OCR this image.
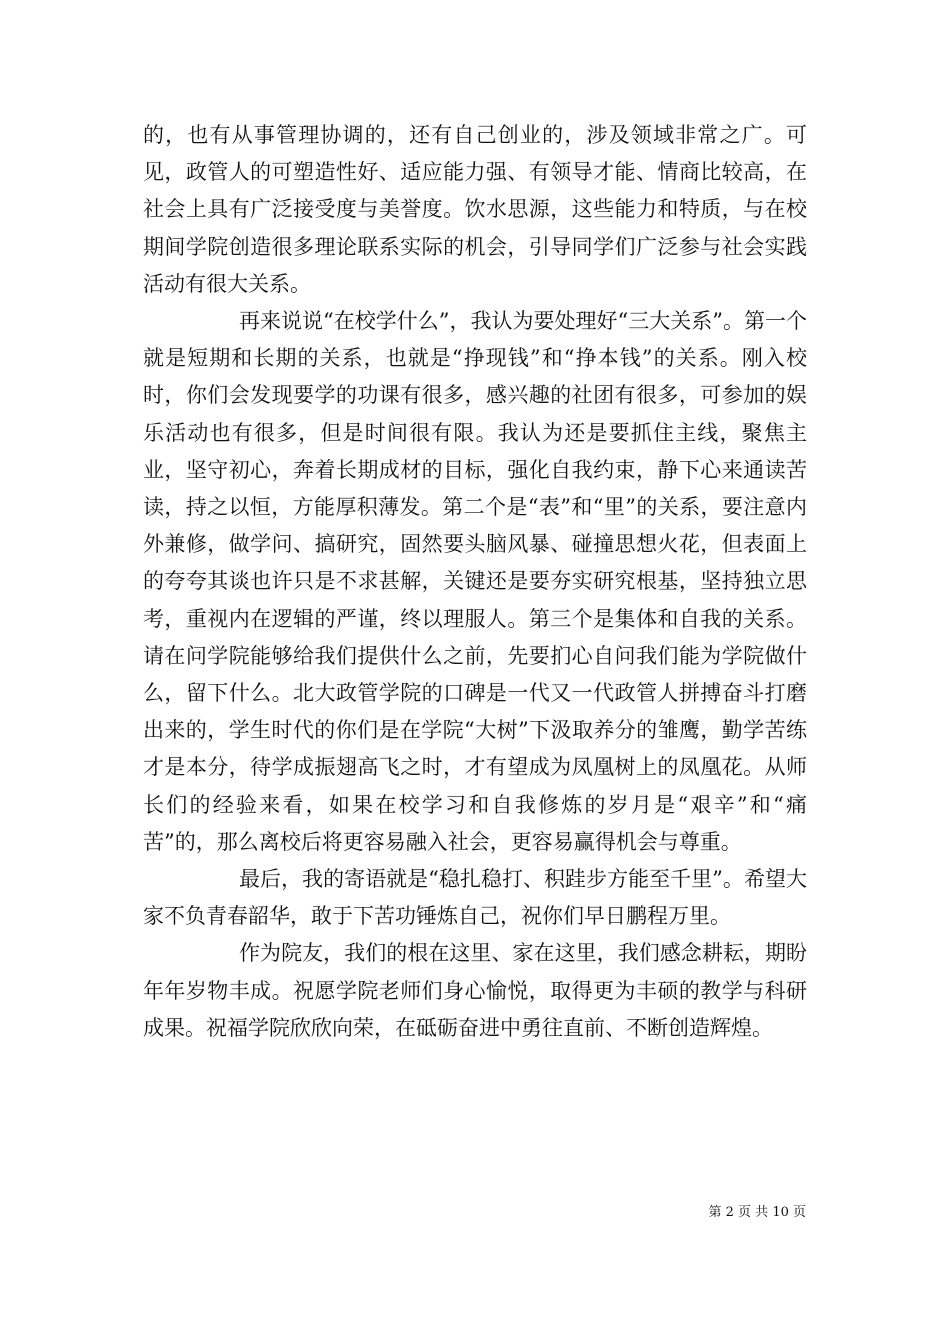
的，也有从事管理协调的，还有自己创业的，涉及领域非常之广。可见，政管人的可塑造性好、适应能力强、有领导才能、情商比较高，在社会上具有广泛接受度与美誉度。饮水思源，这些能力和特质，与在校期间学院创造很多理论联系实际的机会，引导同学们广泛参与社会实践活动有很大关系。

再来说说“在校学什么”，我认为要处理好“三大关系”。第一个就是短期和长期的关系，也就是“挣现钱”和“挣本钱”的关系。刚入校时，你们会发现要学的功课有很多，感兴趣的社团有很多，可参加的娱乐活动也有很多，但是时间很有限。我认为还是要抓住主线，聚焦主业，坚守初心，奔着长期成材的目标，强化自我约束，静下心来通读苦读，持之以恒，方能厚积薄发。第二个是“表”和“里”的关系，要注意内外兼修，做学问、搞研究，固然要头脑风暴、碰撞思想火花，但表面上的夸夸其谈也许只是不求甚解，关键还是要夯实研究根基，坚持独立思考，重视内在逻辑的严谨，终以理服人。第三个是集体和自我的关系。请在问学院能够给我们提供什么之前，先要扪心自问我们能为学院做什么，留下什么。北大政管学院的口碑是一代又一代政管人拼搏奋斗打磨出来的，学生时代的你们是在学院“大树”下汲取养分的雏鹰，勤学苦练才是本分，待学成振翅高飞之时，才有望成为凤凰树上的凤凰花。从师长们的经验来看，如果在校学习和自我修炼的岁月是“艰辛”和“痛苦”的，那么离校后将更容易融入社会，更容易赢得机会与尊重。

最后，我的寄语就是“稳扎稳打、积跬步方能至千里”。希望大家不负青春韶华，敢于下苦功锤炼自己，祝你们早日鹏程万里。

作为院友，我们的根在这里、家在这里，我们感念耕耘，期盼年年岁物丰成。祝愿学院老师们身心愉悦，取得更为丰硕的教学与科研成果。祝福学院欣欣向荣，在砥砺奋进中勇往直前、不断创造辉煌。

第 2 页 共 10 页
